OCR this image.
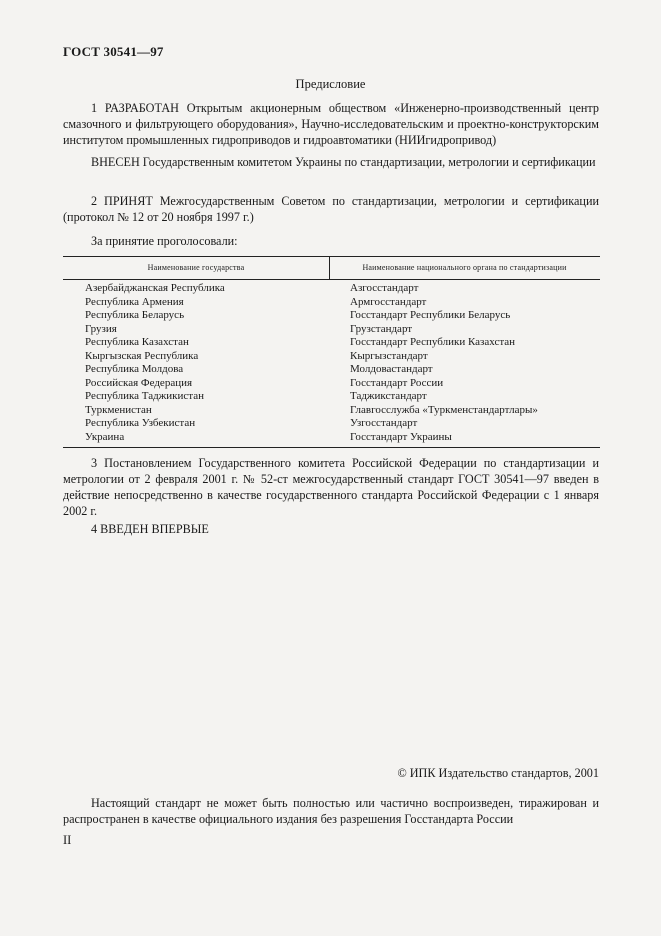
ГОСТ 30541—97
Предисловие

1 РАЗРАБОТАН Открытым акционерным обществом «Инженерно-производственный центр смазочного и фильтрующего оборудования», Научно-исследовательским и проектно-конструкторским институтом промышленных гидроприводов и гидроавтоматики (НИИгидропривод)

ВНЕСЕН Государственным комитетом Украины по стандартизации, метрологии и сертификации

2 ПРИНЯТ Межгосударственным Советом по стандартизации, метрологии и сертификации (протокол № 12 от 20 ноября 1997 г.)

За принятие проголосовали:

Наименование государства	Наименование национального органа по стандартизации
Азербайджанская Республика	Азгосстандарт
Республика Армения	Армгосстандарт
Республика Беларусь	Госстандарт Республики Беларусь
Грузия	Грузстандарт
Республика Казахстан	Госстандарт Республики Казахстан
Кыргызская Республика	Кыргызстандарт
Республика Молдова	Молдовастандарт
Российская Федерация	Госстандарт России
Республика Таджикистан	Таджикстандарт
Туркменистан	Главгосслужба «Туркменстандартлары»
Республика Узбекистан	Узгосстандарт
Украина	Госстандарт Украины

3 Постановлением Государственного комитета Российской Федерации по стандартизации и метрологии от 2 февраля 2001 г. № 52-ст межгосударственный стандарт ГОСТ 30541—97 введен в действие непосредственно в качестве государственного стандарта Российской Федерации с 1 января 2002 г.

4 ВВЕДЕН ВПЕРВЫЕ

© ИПК Издательство стандартов, 2001

Настоящий стандарт не может быть полностью или частично воспроизведен, тиражирован и распространен в качестве официального издания без разрешения Госстандарта России

II
